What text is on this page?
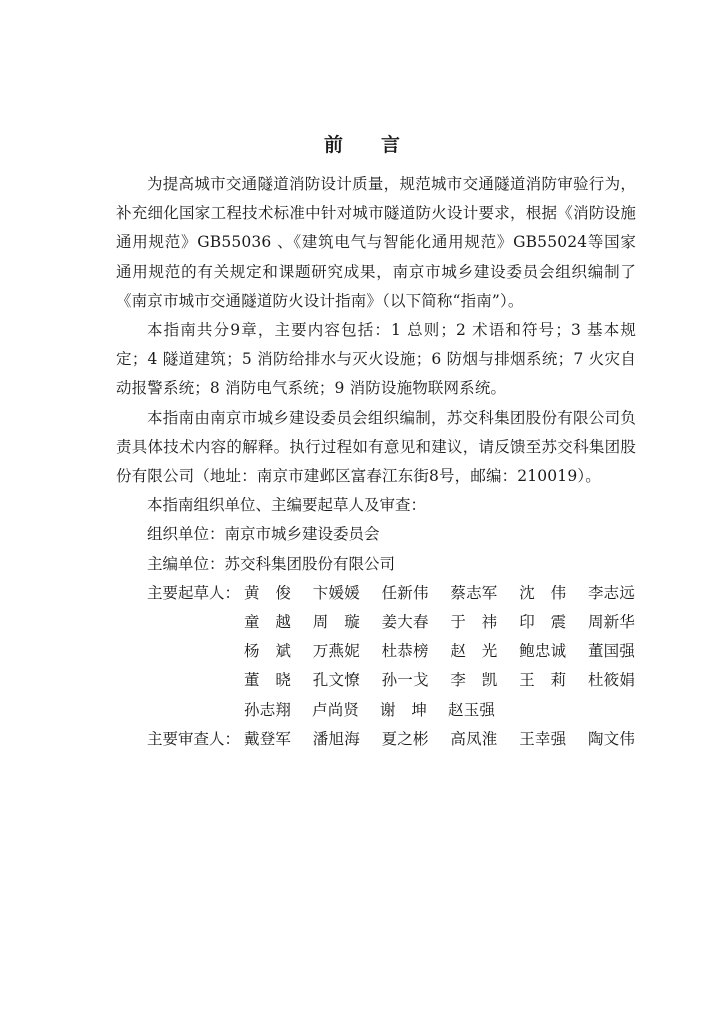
前 言

为提高城市交通隧道消防设计质量，规范城市交通隧道消防审验行为，补充细化国家工程技术标准中针对城市隧道防火设计要求，根据《消防设施通用规范》GB55036 、《建筑电气与智能化通用规范》GB55024等国家通用规范的有关规定和课题研究成果，南京市城乡建设委员会组织编制了《南京市城市交通隧道防火设计指南》（以下简称“指南”）。

本指南共分9章，主要内容包括：1 总则；2 术语和符号；3 基本规定；4 隧道建筑；5 消防给排水与灭火设施；6 防烟与排烟系统；7 火灾自动报警系统；8 消防电气系统；9 消防设施物联网系统。

本指南由南京市城乡建设委员会组织编制，苏交科集团股份有限公司负责具体技术内容的解释。执行过程如有意见和建议，请反馈至苏交科集团股份有限公司（地址：南京市建邺区富春江东街8号，邮编：210019）。

本指南组织单位、主编要起草人及审查：
组织单位：南京市城乡建设委员会
主编单位：苏交科集团股份有限公司
主要起草人： 黄　俊 卞媛媛 任新伟 蔡志军 沈　伟 李志远
童　越 周　璇 姜大春 于　祎 印　震 周新华
杨　斌 万燕妮 杜恭榜 赵　光 鲍忠诚 董国强
董　晓 孔文憭 孙一戈 李　凯 王　莉 杜筱娟
孙志翔 卢尚贤 谢　坤 赵玉强
主要审查人： 戴登军 潘旭海 夏之彬 高凤淮 王幸强 陶文伟
